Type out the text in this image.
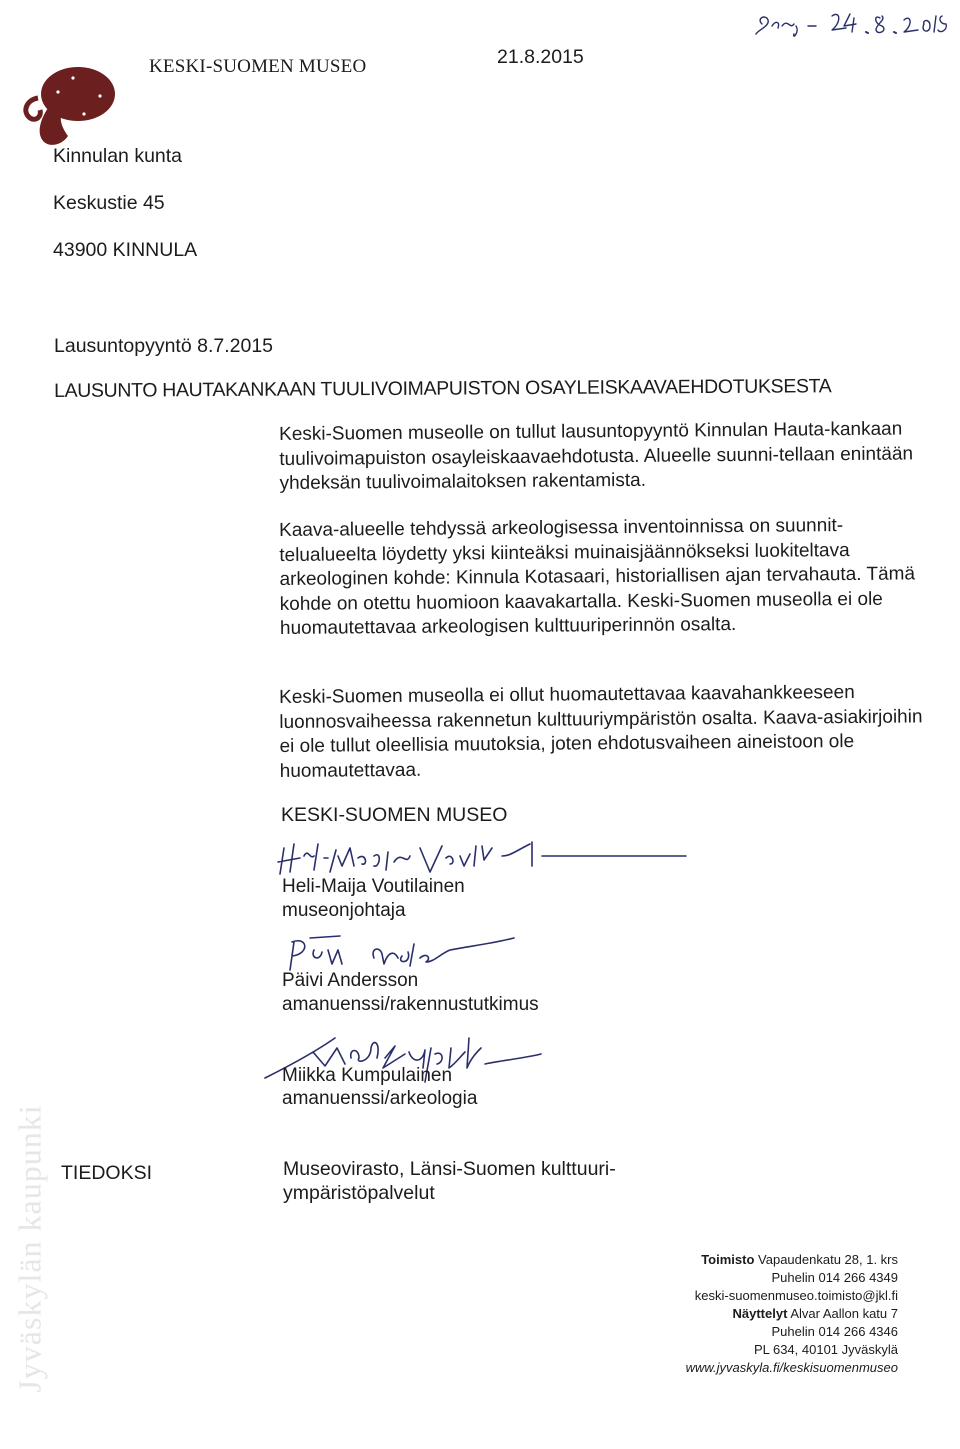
KESKI-SUOMEN MUSEO	21.8.2015
Kinnulan kunta
Keskustie 45
43900 KINNULA
Lausuntopyyntö 8.7.2015
LAUSUNTO HAUTAKANKAAN TUULIVOIMAPUISTON OSAYLEISKAAVAEHDOTUKSESTA

Keski-Suomen museolle on tullut lausuntopyyntö Kinnulan Hauta-kankaan tuulivoimapuiston osayleiskaavaehdotusta. Alueelle suunni-tellaan enintään yhdeksän tuulivoimalaitoksen rakentamista.

Kaava-alueelle tehdyssä arkeologisessa inventoinnissa on suunnit-telualueelta löydetty yksi kiinteäksi muinaisjäännökseksi luokiteltava arkeologinen kohde: Kinnula Kotasaari, historiallisen ajan tervahauta. Tämä kohde on otettu huomioon kaavakartalla. Keski-Suomen museolla ei ole huomautettavaa arkeologisen kulttuuriperinnön osalta.

Keski-Suomen museolla ei ollut huomautettavaa kaavahankkeeseen luonnosvaiheessa rakennetun kulttuuriympäristön osalta. Kaava-asiakirjoihin ei ole tullut oleellisia muutoksia, joten ehdotusvaiheen aineistoon ole huomautettavaa.

KESKI-SUOMEN MUSEO
Heli-Maija Voutilainen
museonjohtaja
Päivi Andersson
amanuenssi/rakennustutkimus
Miikka Kumpulainen
amanuenssi/arkeologia
TIEDOKSI	Museovirasto, Länsi-Suomen kulttuuri-
ympäristöpalvelut
Toimisto Vapaudenkatu 28, 1. krs
Puhelin 014 266 4349
keski-suomenmuseo.toimisto@jkl.fi
Näyttelyt Alvar Aallon katu 7
Puhelin 014 266 4346
PL 634, 40101 Jyväskylä
www.jyvaskyla.fi/keskisuomenmuseo
Jyväskylän kaupunki
